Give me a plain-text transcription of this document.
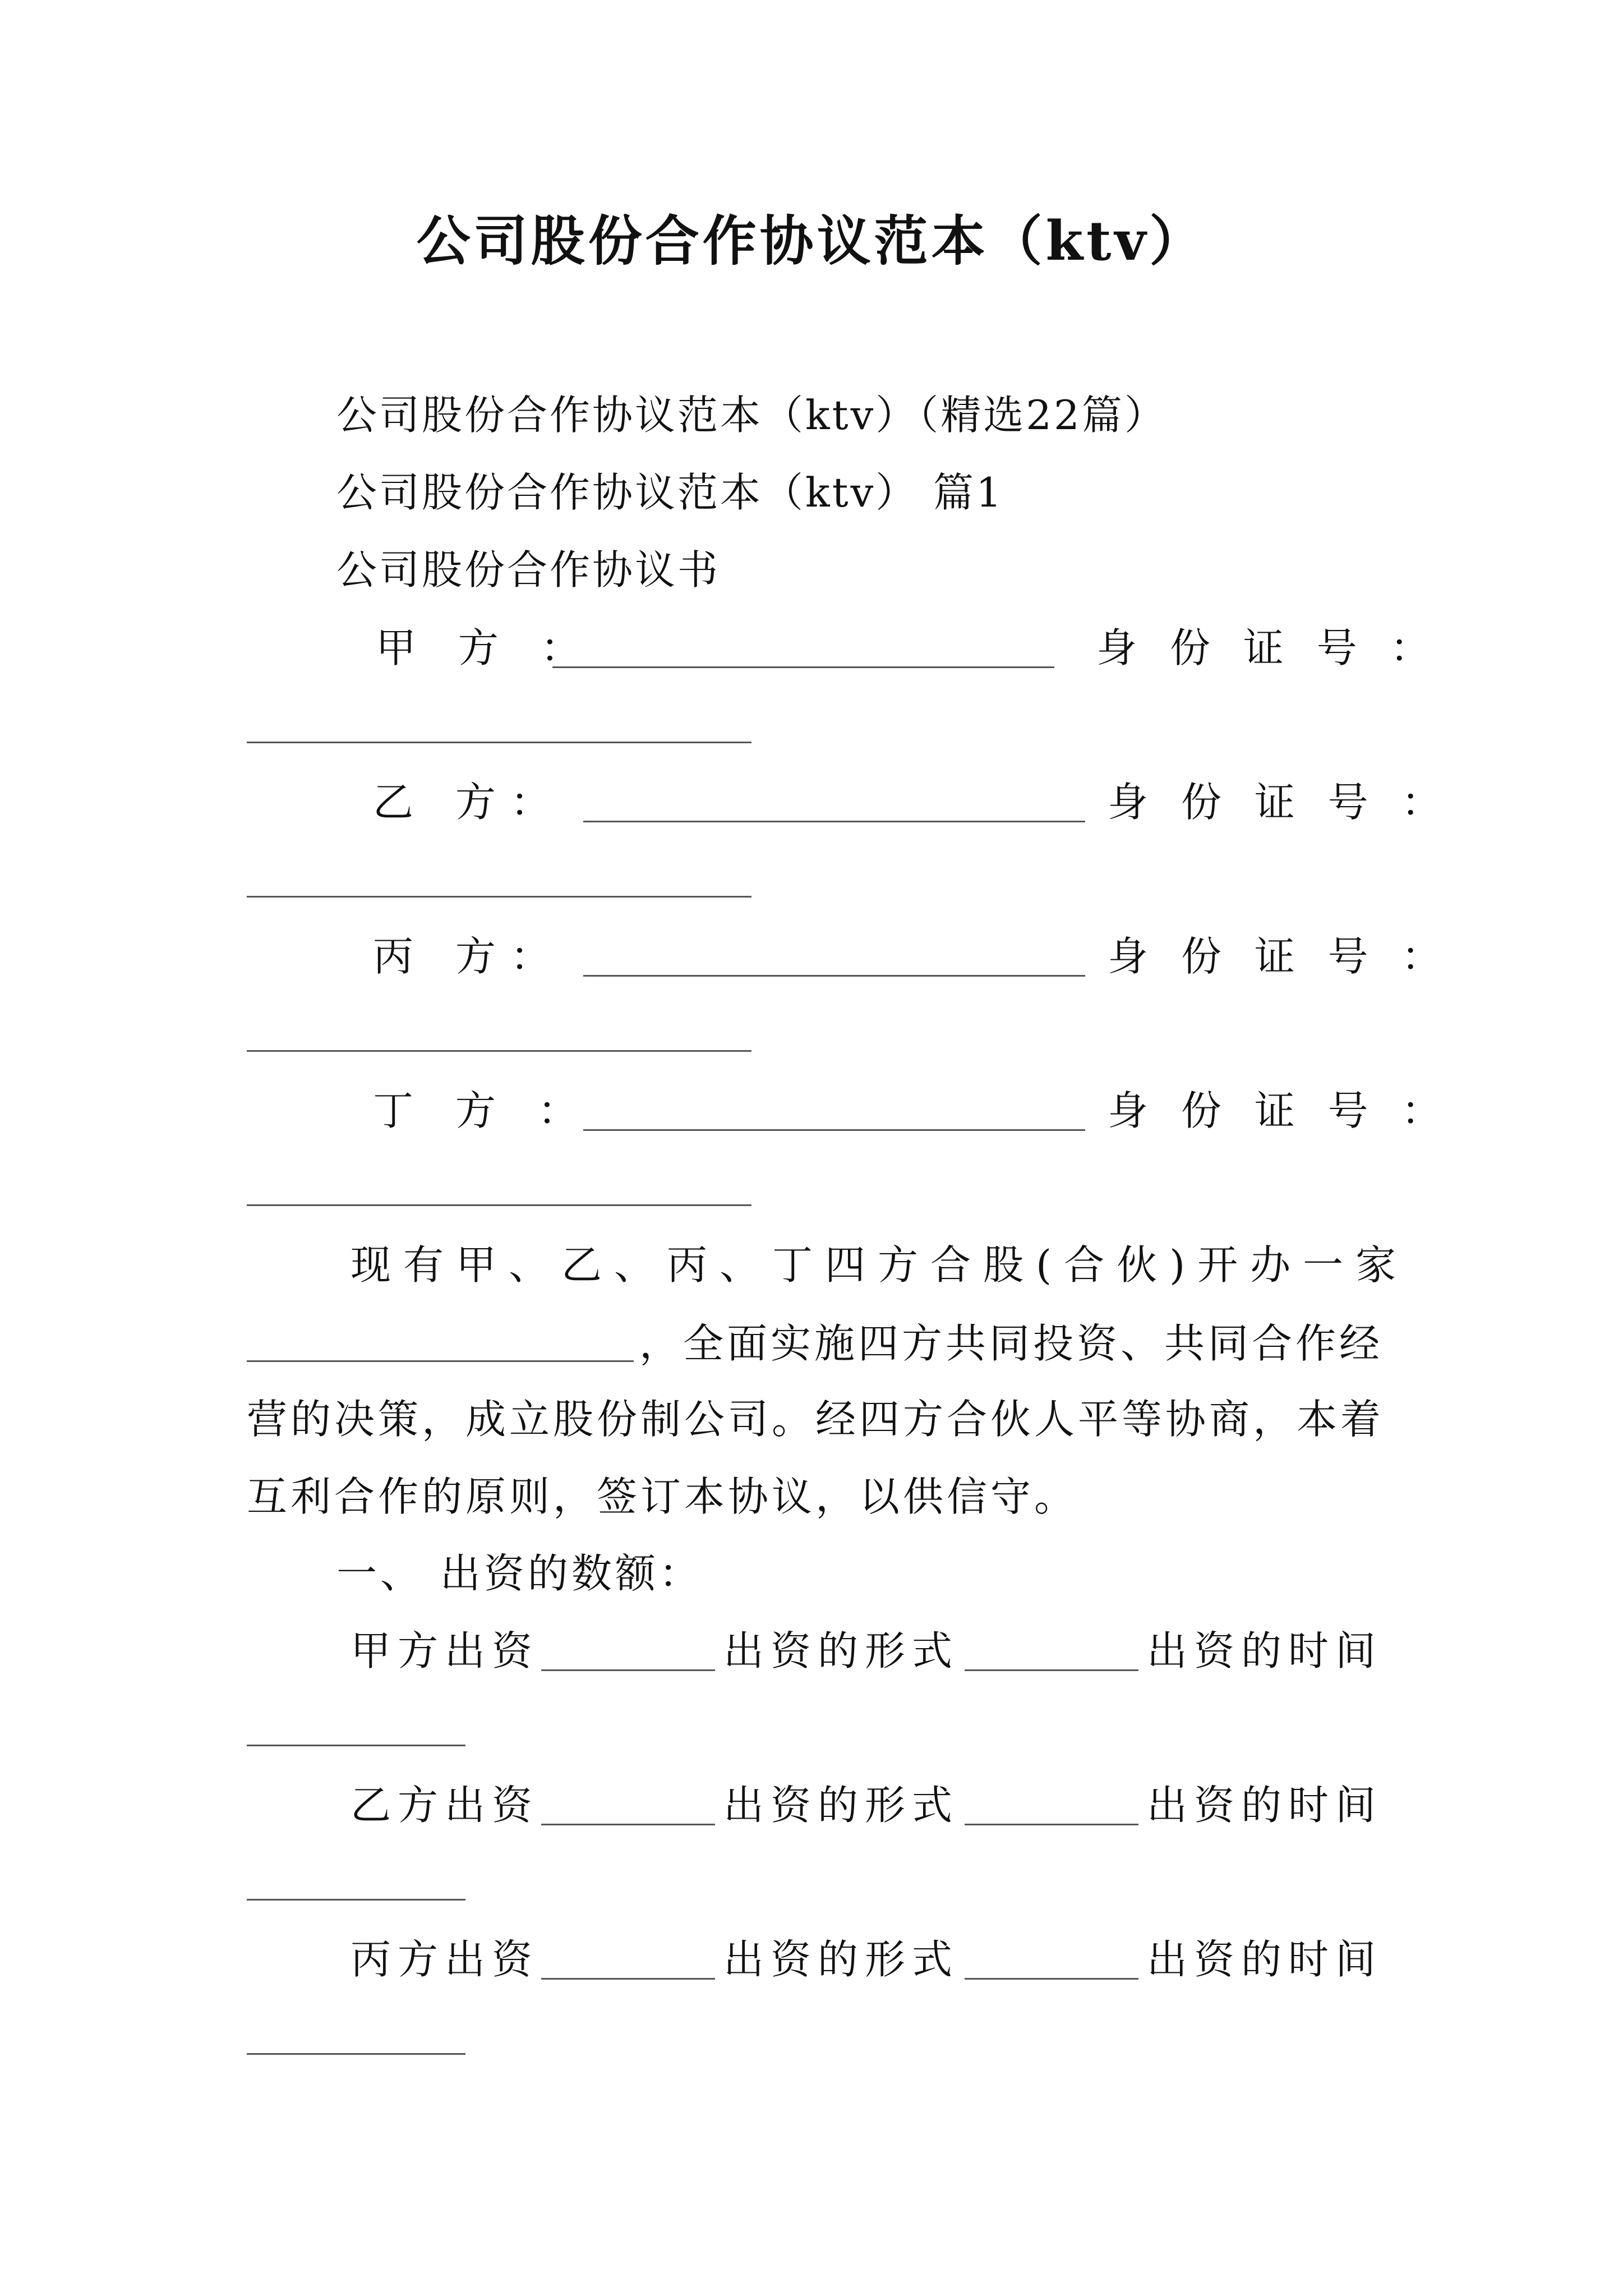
公司股份合作协议范本（ktv）
公司股份合作协议范本（ktv）（精选22篇）
公司股份合作协议范本（ktv） 篇1
公司股份合作协议书
甲 方 ：	身 份 证 号 ：
乙 方：	身 份 证 号 ：
丙 方：	身 份 证 号 ：
丁 方 ：	身 份 证 号 ：
现有甲、乙、丙、丁四方合股(合伙)开办一家
，全面实施四方共同投资、共同合作经
营的决策，成立股份制公司。经四方合伙人平等协商，本着
互利合作的原则，签订本协议，以供信守。
一、 出资的数额：
甲方出资	出资的形式	出资的时间
乙方出资	出资的形式	出资的时间
丙方出资	出资的形式	出资的时间
